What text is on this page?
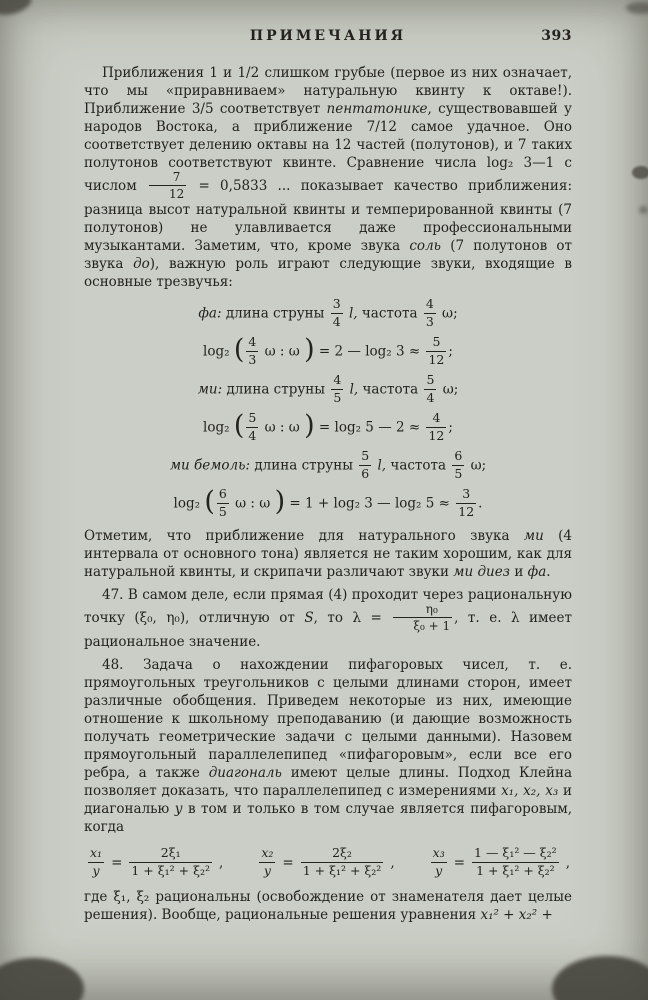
ПРИМЕЧАНИЯ	393

Приближения 1 и 1/2 слишком грубые (первое из них означает, что мы «приравниваем» натуральную квинту к октаве!). Приближение 3/5 соответствует пентатонике, существовавшей у народов Востока, а приближение 7/12 самое удачное. Оно соответствует делению октавы на 12 частей (полутонов), и 7 таких полутонов соответствуют квинте. Сравнение числа log₂ 3—1 с числом $\frac{7}{12} = 0,5833$ ... показывает качество приближения: разница высот натуральной квинты и темперированной квинты (7 полутонов) не улавливается даже профессиональными музыкантами. Заметим, что, кроме звука соль (7 полутонов от звука до), важную роль играют следующие звуки, входящие в основные трезвучья:

фа: длина струны $\frac{3}{4} l$, частота $\frac{4}{3} \omega$;
log₂ ( $\frac{4}{3}$ ω : ω ) = 2 — log₂ $3 \approx \frac{5}{12}$ ;
ми: длина струны $\frac{4}{5} l$, частота $\frac{5}{4} \omega$;
log₂ ( $\frac{5}{4}$ ω : ω ) = log₂ 5 — $2 \approx \frac{4}{12}$ ;
ми бемоль: длина струны $\frac{5}{6} l$, частота $\frac{6}{5} \omega$;
log₂ ( $\frac{6}{5}$ ω : ω ) = 1 + log₂ 3 — log₂ $5 \approx \frac{3}{12}$ .

Отметим, что приближение для натурального звука ми (4 интервала от основного тона) является не таким хорошим, как для натуральной квинты, и скрипачи различают звуки ми диез и фа.

47. В самом деле, если прямая (4) проходит через рациональную точку (ξ₀, η₀), отличную от S, то $\lambda = \frac{\text{η₀}}{\text{ξ₀ + 1}}$ , т. е. λ имеет рациональное значение.

48. Задача о нахождении пифагоровых чисел, т. е. прямоугольных треугольников с целыми длинами сторон, имеет различные обобщения. Приведем некоторые из них, имеющие отношение к школьному преподаванию (и дающие возможность получать геометрические задачи с целыми данными). Назовем прямоугольный параллелепипед «пифагоровым», если все его ребра, а также диагональ имеют целые длины. Подход Клейна позволяет доказать, что параллелепипед с измерениями x₁, x₂, x₃ и диагональю y в том и только в том случае является пифагоровым, когда

$\frac{\text{x₁}}{y} = \frac{\text{2ξ₁}}{\text{1 + ξ₁² + ξ₂²}}$ ,	$\frac{\text{x₂}}{y} = \frac{\text{2ξ₂}}{\text{1 + ξ₁² + ξ₂²}}$ ,	$\frac{\text{x₃}}{y} = \frac{\text{1 — ξ₁² — ξ₂²}}{\text{1 + ξ₁² + ξ₂²}}$ ,

где ξ₁, ξ₂ рациональны (освобождение от знаменателя дает целые решения). Вообще, рациональные решения уравнения x₁² + x₂² +
